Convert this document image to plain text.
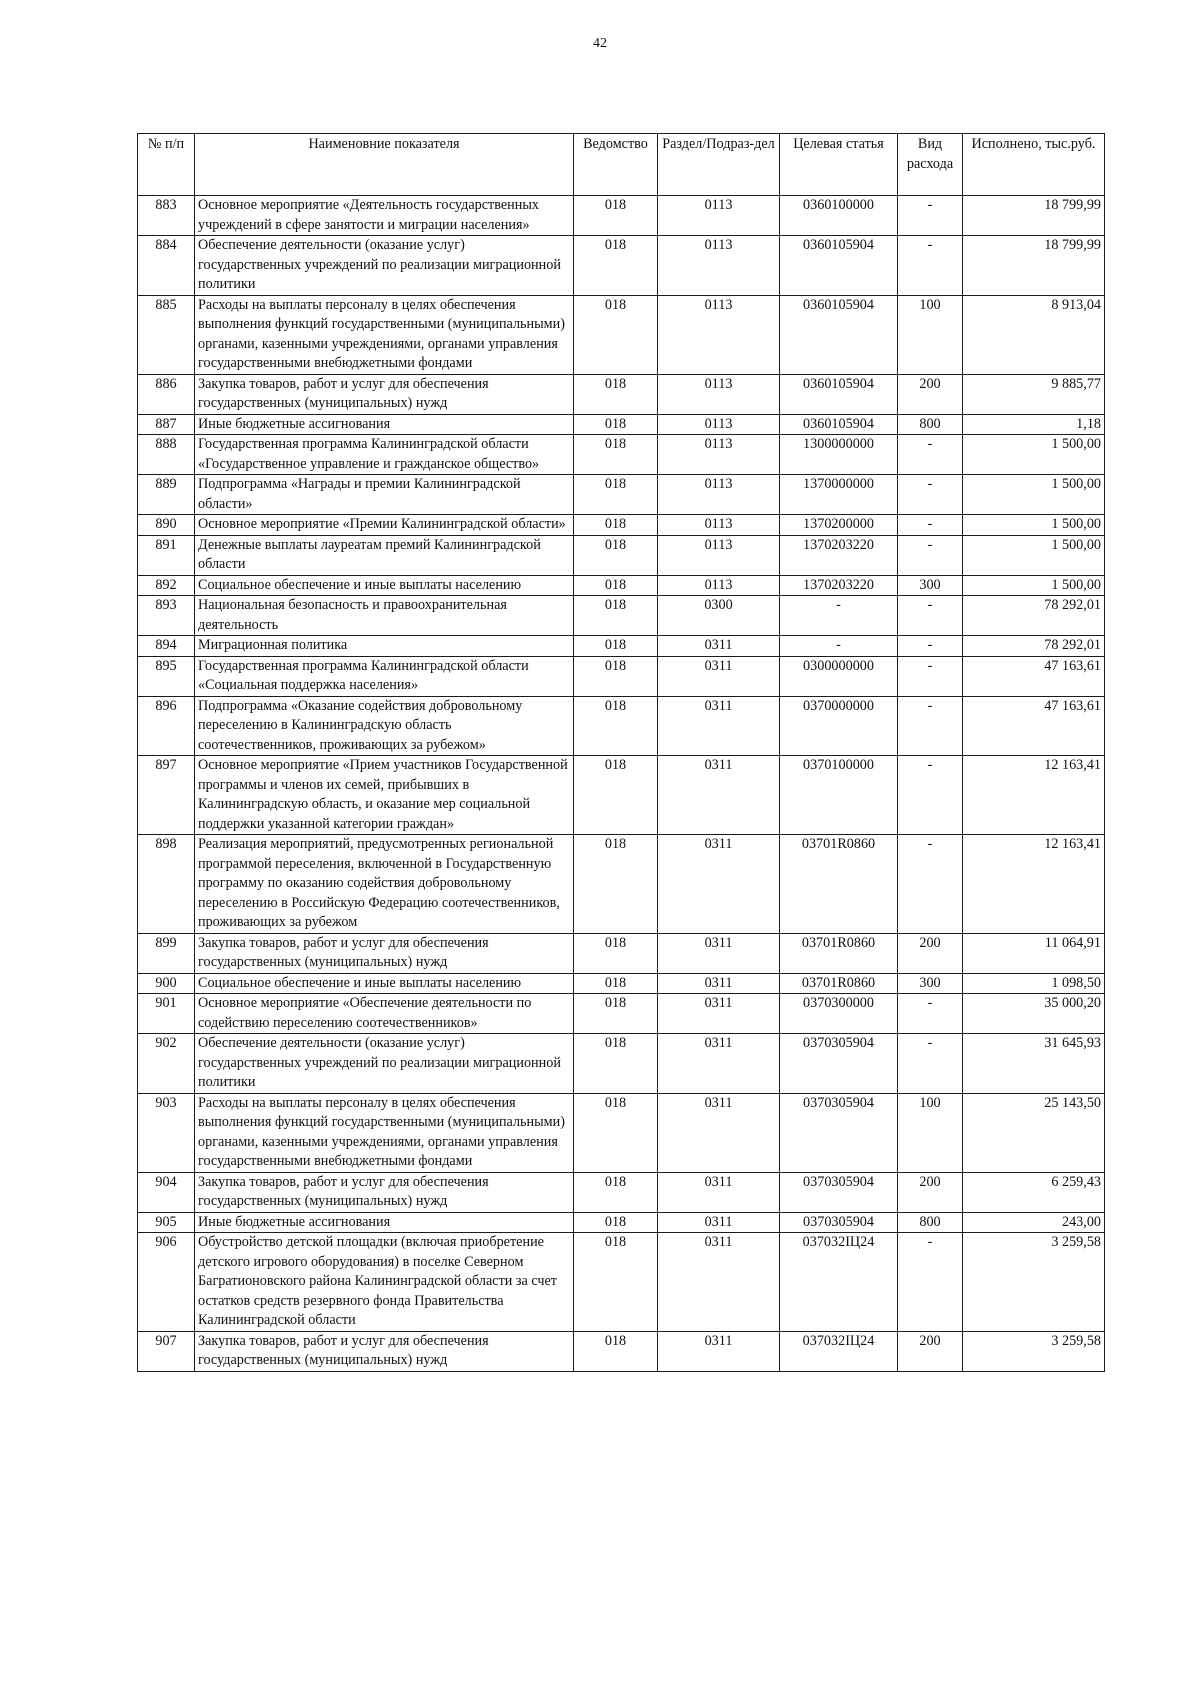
42
№ п/п	Наименовние показателя	Ведомство	Раздел/Подраз-дел	Целевая статья	Вид расхода	Исполнено, тыс.руб.
883	Основное мероприятие «Деятельность государственных учреждений в сфере занятости и миграции населения»	018	0113	0360100000	-	18 799,99
884	Обеспечение деятельности (оказание услуг) государственных учреждений по реализации миграционной политики	018	0113	0360105904	-	18 799,99
885	Расходы на выплаты персоналу в целях обеспечения выполнения функций государственными (муниципальными) органами, казенными учреждениями, органами управления государственными внебюджетными фондами	018	0113	0360105904	100	8 913,04
886	Закупка товаров, работ и услуг для обеспечения государственных (муниципальных) нужд	018	0113	0360105904	200	9 885,77
887	Иные бюджетные ассигнования	018	0113	0360105904	800	1,18
888	Государственная программа Калининградской области «Государственное управление и гражданское общество»	018	0113	1300000000	-	1 500,00
889	Подпрограмма «Награды и премии Калининградской области»	018	0113	1370000000	-	1 500,00
890	Основное мероприятие «Премии Калининградской области»	018	0113	1370200000	-	1 500,00
891	Денежные выплаты лауреатам премий Калининградской области	018	0113	1370203220	-	1 500,00
892	Социальное обеспечение и иные выплаты населению	018	0113	1370203220	300	1 500,00
893	Национальная безопасность и правоохранительная деятельность	018	0300	-	-	78 292,01
894	Миграционная политика	018	0311	-	-	78 292,01
895	Государственная программа Калининградской области «Социальная поддержка населения»	018	0311	0300000000	-	47 163,61
896	Подпрограмма «Оказание содействия добровольному переселению в Калининградскую область соотечественников, проживающих за рубежом»	018	0311	0370000000	-	47 163,61
897	Основное мероприятие «Прием участников Государственной программы и членов их семей, прибывших в Калининградскую область, и оказание мер социальной поддержки указанной категории граждан»	018	0311	0370100000	-	12 163,41
898	Реализация мероприятий, предусмотренных региональной программой переселения, включенной в Государственную программу по оказанию содействия добровольному переселению в Российскую Федерацию соотечественников, проживающих за рубежом	018	0311	03701R0860	-	12 163,41
899	Закупка товаров, работ и услуг для обеспечения государственных (муниципальных) нужд	018	0311	03701R0860	200	11 064,91
900	Социальное обеспечение и иные выплаты населению	018	0311	03701R0860	300	1 098,50
901	Основное мероприятие «Обеспечение деятельности по содействию переселению соотечественников»	018	0311	0370300000	-	35 000,20
902	Обеспечение деятельности (оказание услуг) государственных учреждений по реализации миграционной политики	018	0311	0370305904	-	31 645,93
903	Расходы на выплаты персоналу в целях обеспечения выполнения функций государственными (муниципальными) органами, казенными учреждениями, органами управления государственными внебюджетными фондами	018	0311	0370305904	100	25 143,50
904	Закупка товаров, работ и услуг для обеспечения государственных (муниципальных) нужд	018	0311	0370305904	200	6 259,43
905	Иные бюджетные ассигнования	018	0311	0370305904	800	243,00
906	Обустройство детской площадки (включая приобретение детского игрового оборудования) в поселке Северном Багратионовского района Калининградской области за счет остатков средств резервного фонда Правительства Калининградской области	018	0311	037032IЦ24	-	3 259,58
907	Закупка товаров, работ и услуг для обеспечения государственных (муниципальных) нужд	018	0311	037032IЦ24	200	3 259,58
